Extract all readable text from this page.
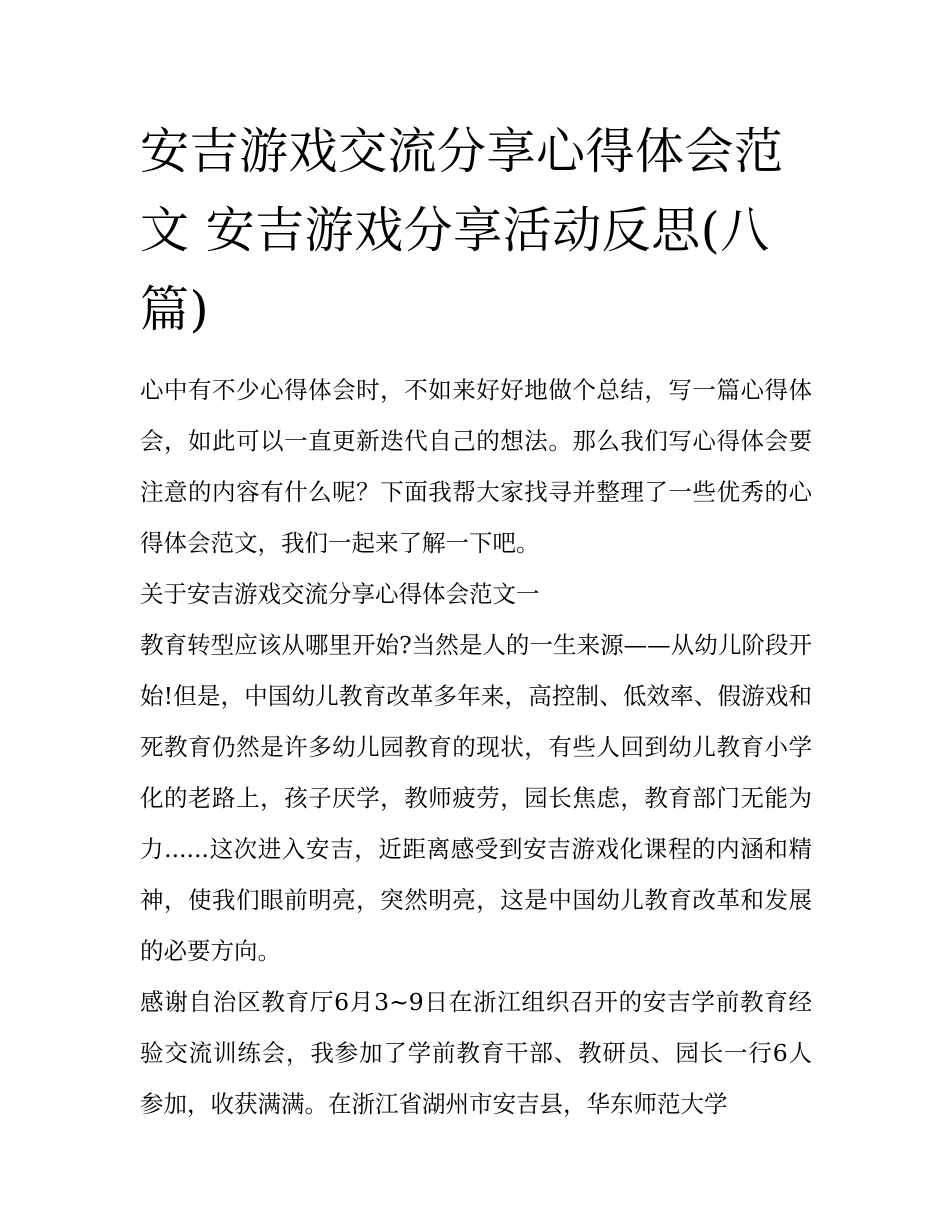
安吉游戏交流分享心得体会范文 安吉游戏分享活动反思(八篇)

心中有不少心得体会时，不如来好好地做个总结，写一篇心得体会，如此可以一直更新迭代自己的想法。那么我们写心得体会要注意的内容有什么呢？下面我帮大家找寻并整理了一些优秀的心得体会范文，我们一起来了解一下吧。

关于安吉游戏交流分享心得体会范文一

教育转型应该从哪里开始?当然是人的一生来源——从幼儿阶段开始!但是，中国幼儿教育改革多年来，高控制、低效率、假游戏和死教育仍然是许多幼儿园教育的现状，有些人回到幼儿教育小学化的老路上，孩子厌学，教师疲劳，园长焦虑，教育部门无能为力......这次进入安吉，近距离感受到安吉游戏化课程的内涵和精神，使我们眼前明亮，突然明亮，这是中国幼儿教育改革和发展的必要方向。

感谢自治区教育厅6月3~9日在浙江组织召开的安吉学前教育经验交流训练会，我参加了学前教育干部、教研员、园长一行6人参加，收获满满。在浙江省湖州市安吉县，华东师范大学
